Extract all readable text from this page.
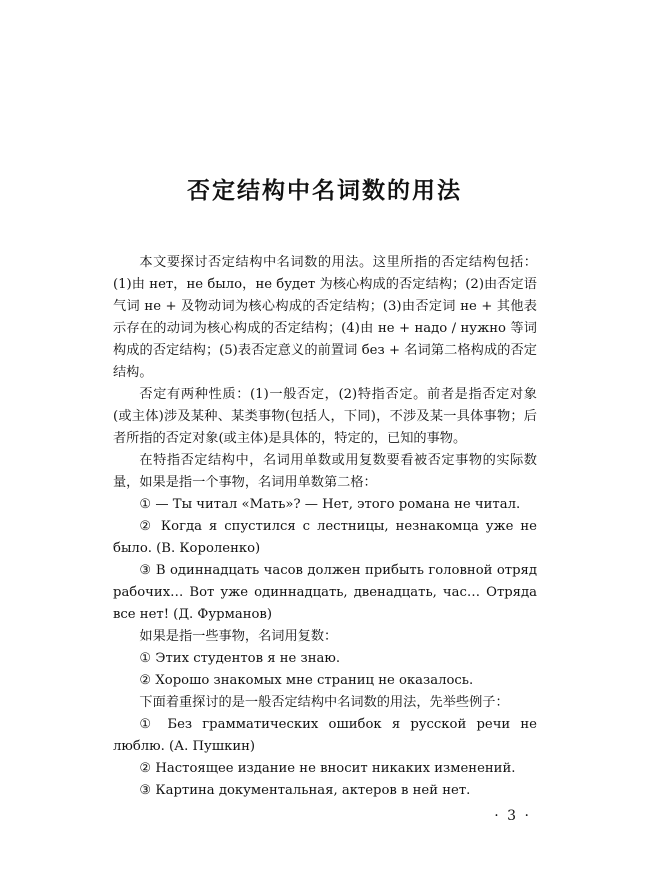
否定结构中名词数的用法

本文要探讨否定结构中名词数的用法。这里所指的否定结构包括：(1)由 нет，не было，не будет 为核心构成的否定结构；(2)由否定语气词 не + 及物动词为核心构成的否定结构；(3)由否定词 не + 其他表示存在的动词为核心构成的否定结构；(4)由 не + надо / нужно 等词构成的否定结构；(5)表否定意义的前置词 без + 名词第二格构成的否定结构。

否定有两种性质：(1)一般否定，(2)特指否定。前者是指否定对象(或主体)涉及某种、某类事物(包括人，下同)，不涉及某一具体事物；后者所指的否定对象(或主体)是具体的，特定的，已知的事物。

在特指否定结构中，名词用单数或用复数要看被否定事物的实际数量，如果是指一个事物，名词用单数第二格：

① — Ты читал «Мать»? — Нет, этого романа не читал.

② Когда я спустился с лестницы, незнакомца уже не было. (В. Короленко)

③ В одиннадцать часов должен прибыть головной отряд рабочих… Вот уже одиннадцать, двенадцать, час… Отряда все нет! (Д. Фурманов)

如果是指一些事物，名词用复数：

① Этих студентов я не знаю.

② Хорошо знакомых мне страниц не оказалось.

下面着重探讨的是一般否定结构中名词数的用法，先举些例子：

① Без грамматических ошибок я русской речи не люблю. (А. Пушкин)

② Настоящее издание не вносит никаких изменений.

③ Картина документальная, актеров в ней нет.

· 3 ·
